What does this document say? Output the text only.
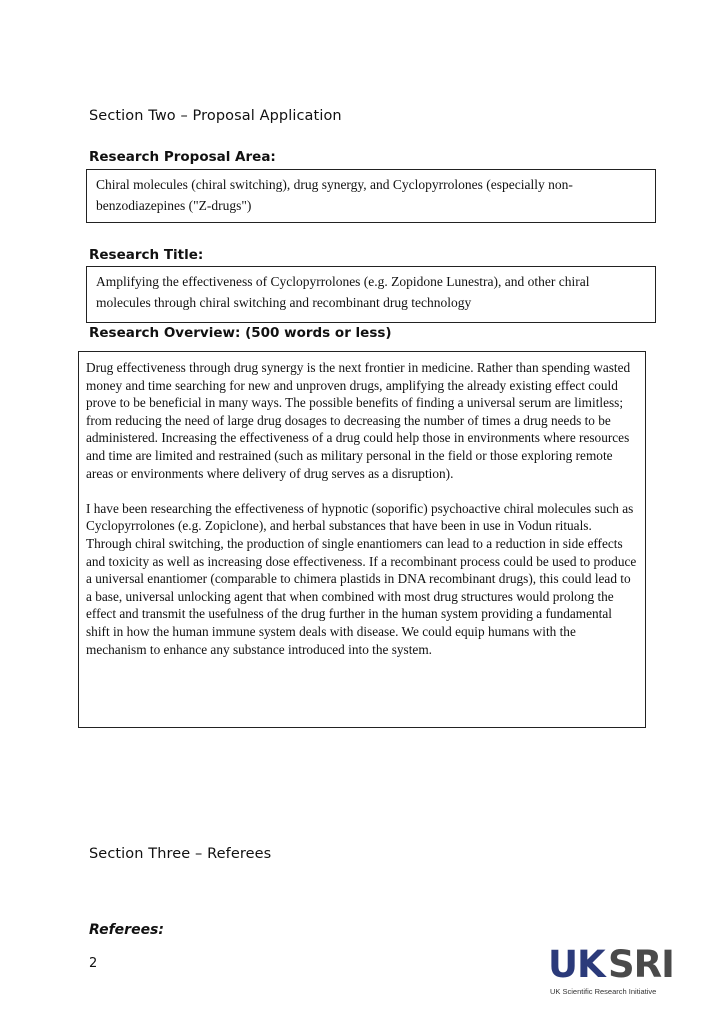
Section Two – Proposal Application
Research Proposal Area:
Chiral molecules (chiral switching), drug synergy, and Cyclopyrrolones (especially non-benzodiazepines ("Z-drugs")
Research Title:
Amplifying the effectiveness of Cyclopyrrolones (e.g. Zopidone Lunestra), and other chiral molecules through chiral switching and recombinant drug technology
Research Overview: (500 words or less)

Drug effectiveness through drug synergy is the next frontier in medicine. Rather than spending wasted money and time searching for new and unproven drugs, amplifying the already existing effect could prove to be beneficial in many ways. The possible benefits of finding a universal serum are limitless; from reducing the need of large drug dosages to decreasing the number of times a drug needs to be administered. Increasing the effectiveness of a drug could help those in environments where resources and time are limited and restrained (such as military personal in the field or those exploring remote areas or environments where delivery of drug serves as a disruption).

I have been researching the effectiveness of hypnotic (soporific) psychoactive chiral molecules such as Cyclopyrrolones (e.g. Zopiclone), and herbal substances that have been in use in Vodun rituals. Through chiral switching, the production of single enantiomers can lead to a reduction in side effects and toxicity as well as increasing dose effectiveness. If a recombinant process could be used to produce a universal enantiomer (comparable to chimera plastids in DNA recombinant drugs), this could lead to a base, universal unlocking agent that when combined with most drug structures would prolong the effect and transmit the usefulness of the drug further in the human system providing a fundamental shift in how the human immune system deals with disease. We could equip humans with the mechanism to enhance any substance introduced into the system.

Section Three – Referees
Referees:
2	UK SRI
UK Scientific Research Initiative
